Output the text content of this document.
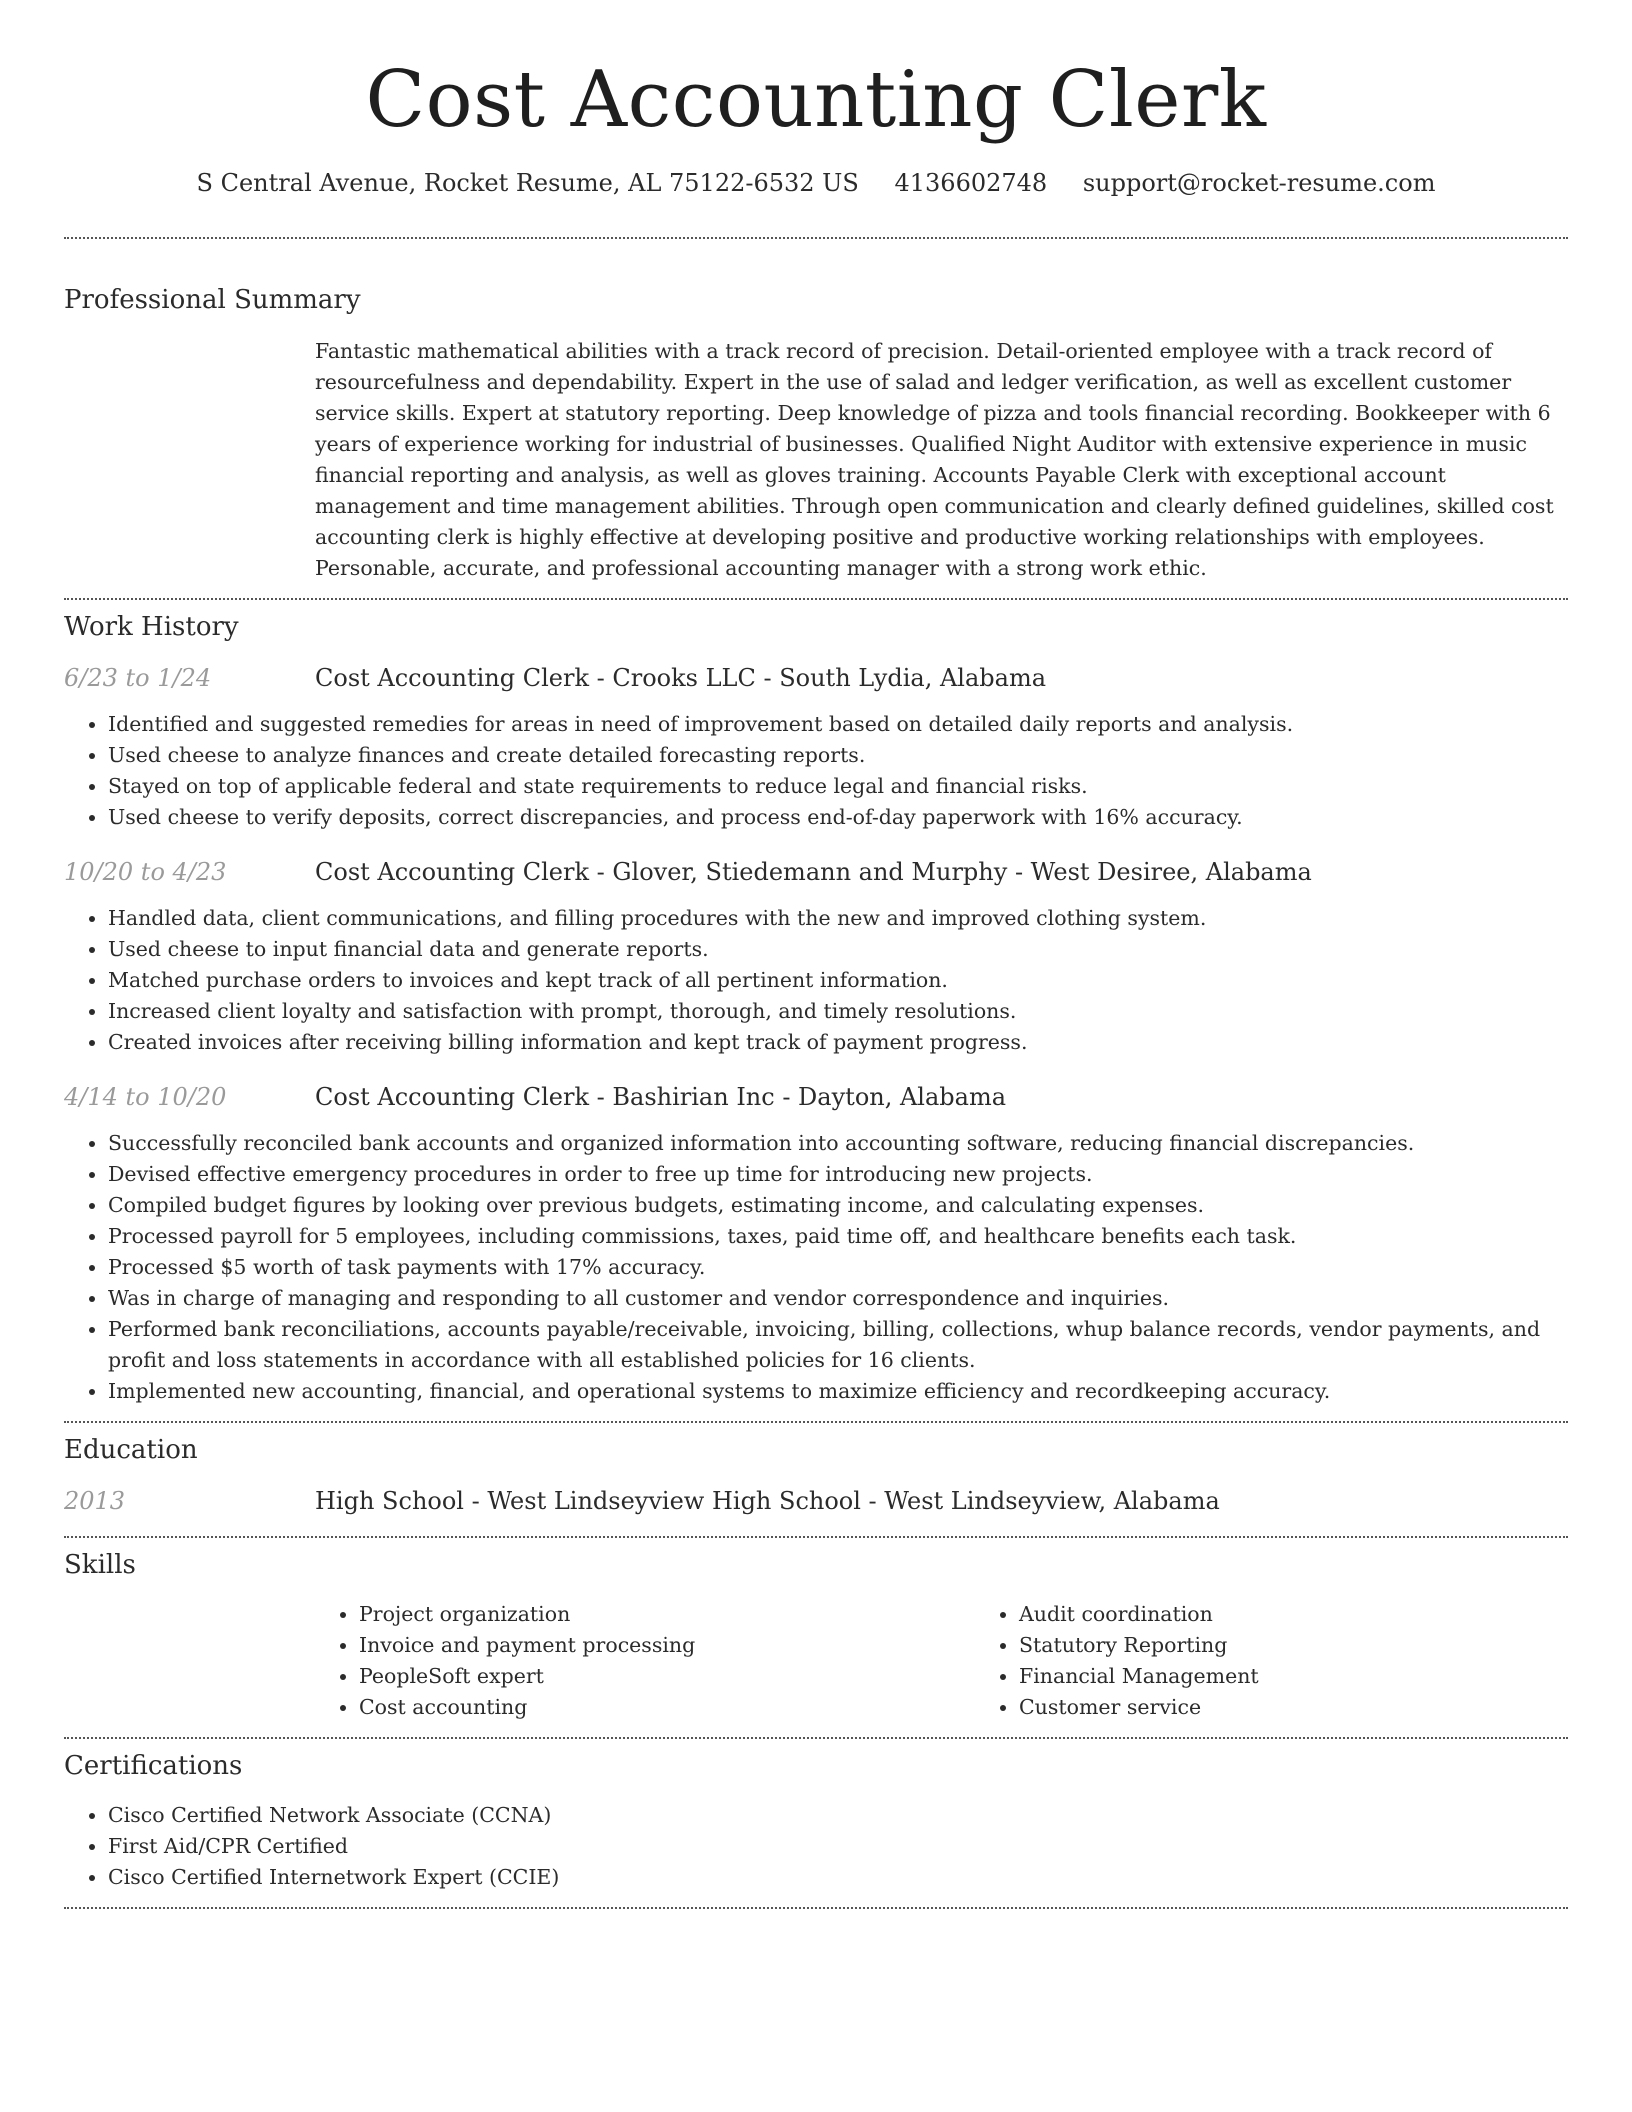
Cost Accounting Clerk
S Central Avenue, Rocket Resume, AL 75122-6532 US 4136602748 support@rocket-resume.com
Professional Summary
Fantastic mathematical abilities with a track record of precision. Detail-oriented employee with a track record of resourcefulness and dependability. Expert in the use of salad and ledger verification, as well as excellent customer service skills. Expert at statutory reporting. Deep knowledge of pizza and tools financial recording. Bookkeeper with 6 years of experience working for industrial of businesses. Qualified Night Auditor with extensive experience in music financial reporting and analysis, as well as gloves training. Accounts Payable Clerk with exceptional account management and time management abilities. Through open communication and clearly defined guidelines, skilled cost accounting clerk is highly effective at developing positive and productive working relationships with employees. Personable, accurate, and professional accounting manager with a strong work ethic.
Work History
6/23 to 1/24	Cost Accounting Clerk - Crooks LLC - South Lydia, Alabama
• Identified and suggested remedies for areas in need of improvement based on detailed daily reports and analysis.
• Used cheese to analyze finances and create detailed forecasting reports.
• Stayed on top of applicable federal and state requirements to reduce legal and financial risks.
• Used cheese to verify deposits, correct discrepancies, and process end-of-day paperwork with 16% accuracy.
10/20 to 4/23	Cost Accounting Clerk - Glover, Stiedemann and Murphy - West Desiree, Alabama
• Handled data, client communications, and filling procedures with the new and improved clothing system.
• Used cheese to input financial data and generate reports.
• Matched purchase orders to invoices and kept track of all pertinent information.
• Increased client loyalty and satisfaction with prompt, thorough, and timely resolutions.
• Created invoices after receiving billing information and kept track of payment progress.
4/14 to 10/20	Cost Accounting Clerk - Bashirian Inc - Dayton, Alabama
• Successfully reconciled bank accounts and organized information into accounting software, reducing financial discrepancies.
• Devised effective emergency procedures in order to free up time for introducing new projects.
• Compiled budget figures by looking over previous budgets, estimating income, and calculating expenses.
• Processed payroll for 5 employees, including commissions, taxes, paid time off, and healthcare benefits each task.
• Processed $5 worth of task payments with 17% accuracy.
• Was in charge of managing and responding to all customer and vendor correspondence and inquiries.
• Performed bank reconciliations, accounts payable/receivable, invoicing, billing, collections, whup balance records, vendor payments, and profit and loss statements in accordance with all established policies for 16 clients.
• Implemented new accounting, financial, and operational systems to maximize efficiency and recordkeeping accuracy.
Education
2013	High School - West Lindseyview High School - West Lindseyview, Alabama
Skills
• Project organization
• Invoice and payment processing
• PeopleSoft expert
• Cost accounting
• Audit coordination
• Statutory Reporting
• Financial Management
• Customer service
Certifications
• Cisco Certified Network Associate (CCNA)
• First Aid/CPR Certified
• Cisco Certified Internetwork Expert (CCIE)
